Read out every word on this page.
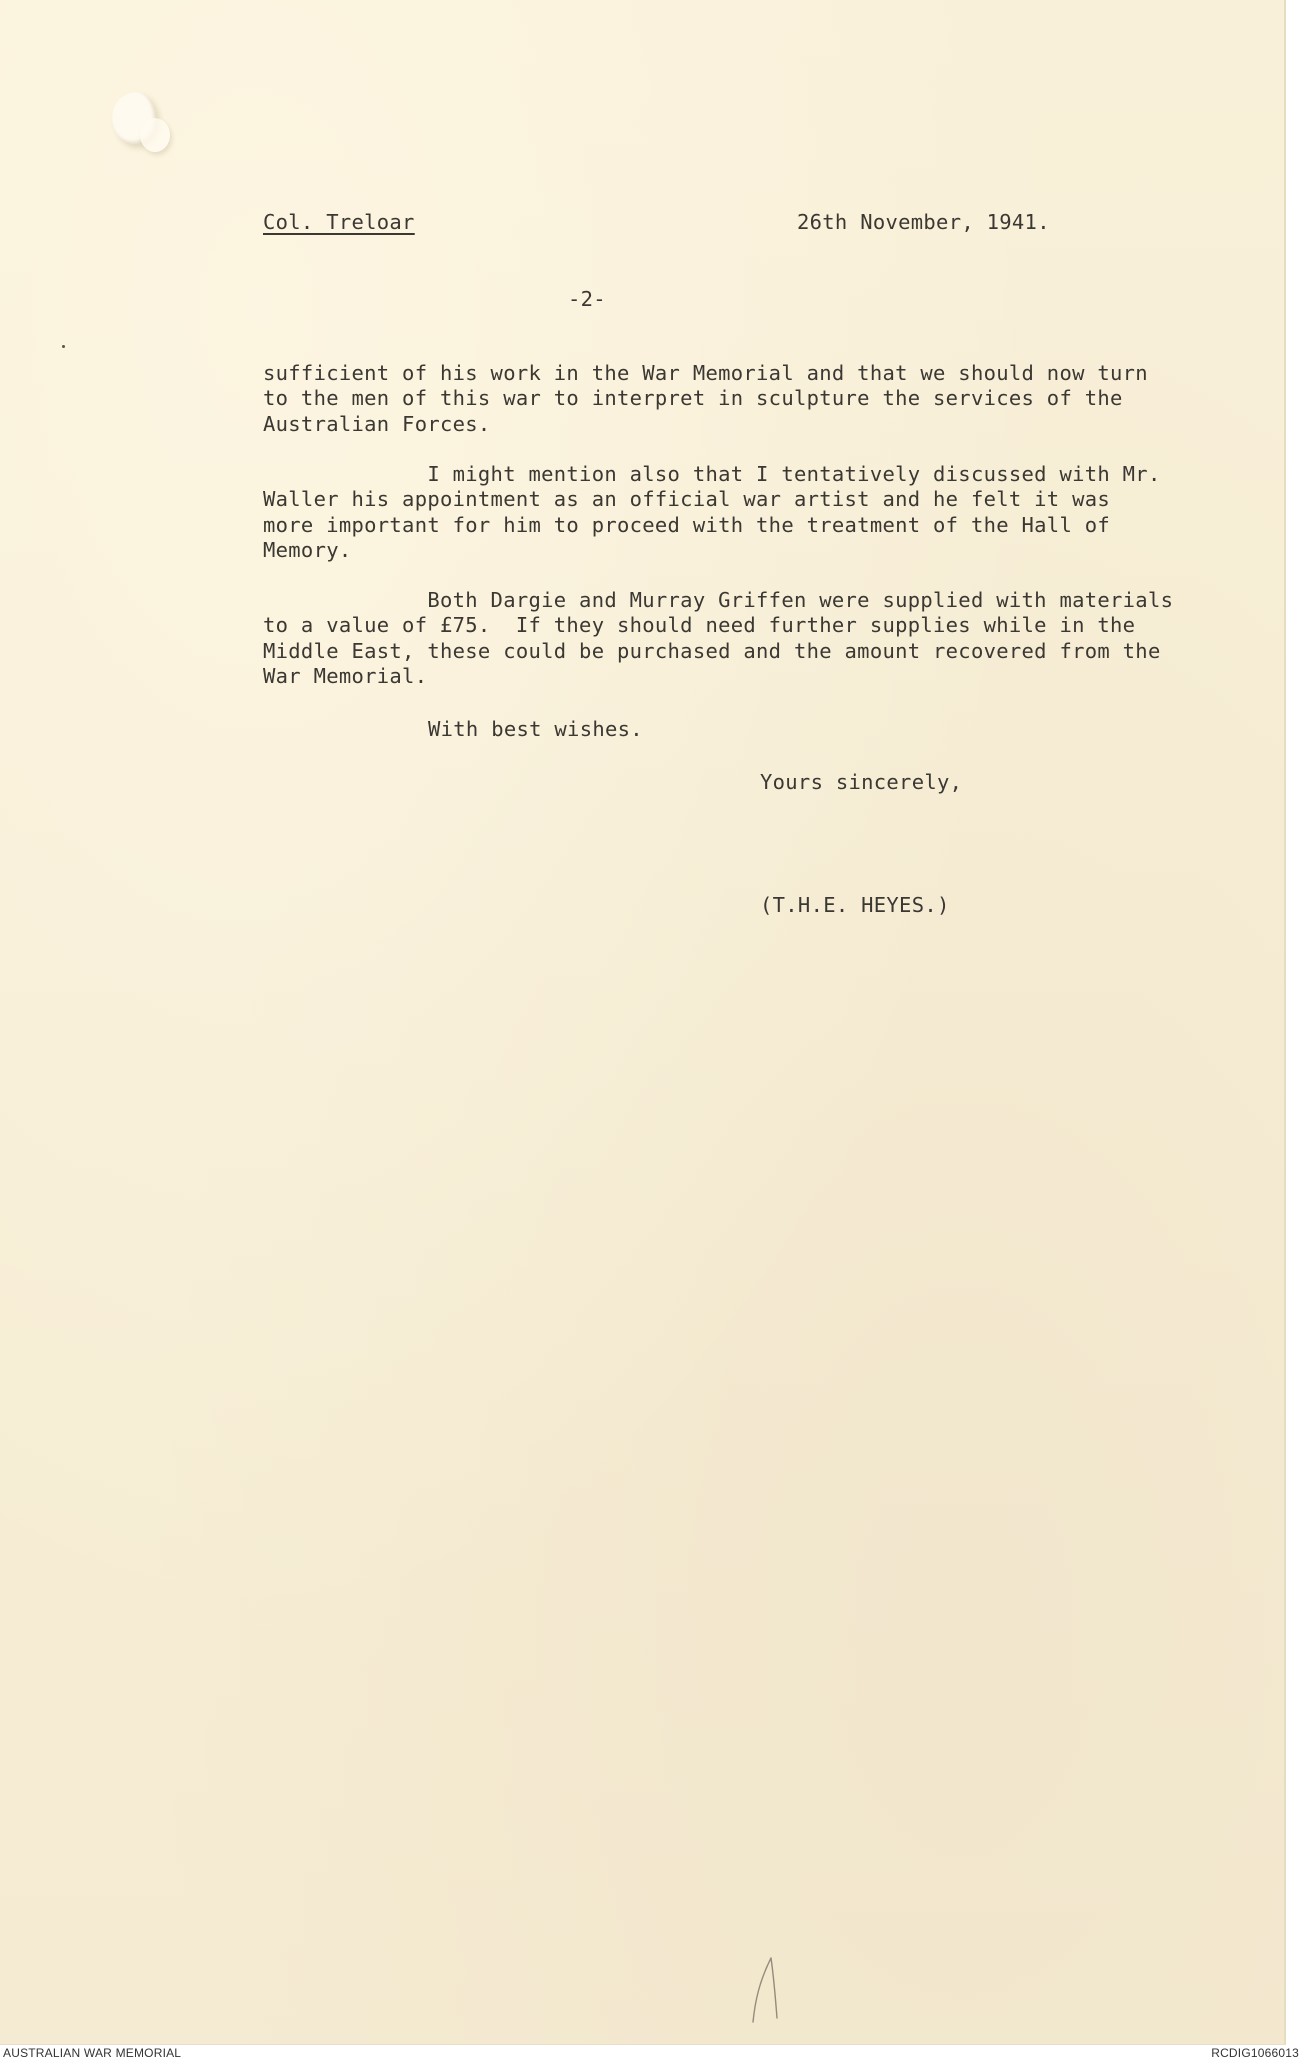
Col. Treloar	26th November, 1941.
-2-
sufficient of his work in the War Memorial and that we should now turn
to the men of this war to interpret in sculpture the services of the
Australian Forces.
I might mention also that I tentatively discussed with Mr.
Waller his appointment as an official war artist and he felt it was
more important for him to proceed with the treatment of the Hall of
Memory.
Both Dargie and Murray Griffen were supplied with materials
to a value of £75.  If they should need further supplies while in the
Middle East, these could be purchased and the amount recovered from the
War Memorial.
With best wishes.
Yours sincerely,
(T.H.E. HEYES.)
AUSTRALIAN WAR MEMORIAL	RCDIG1066013
